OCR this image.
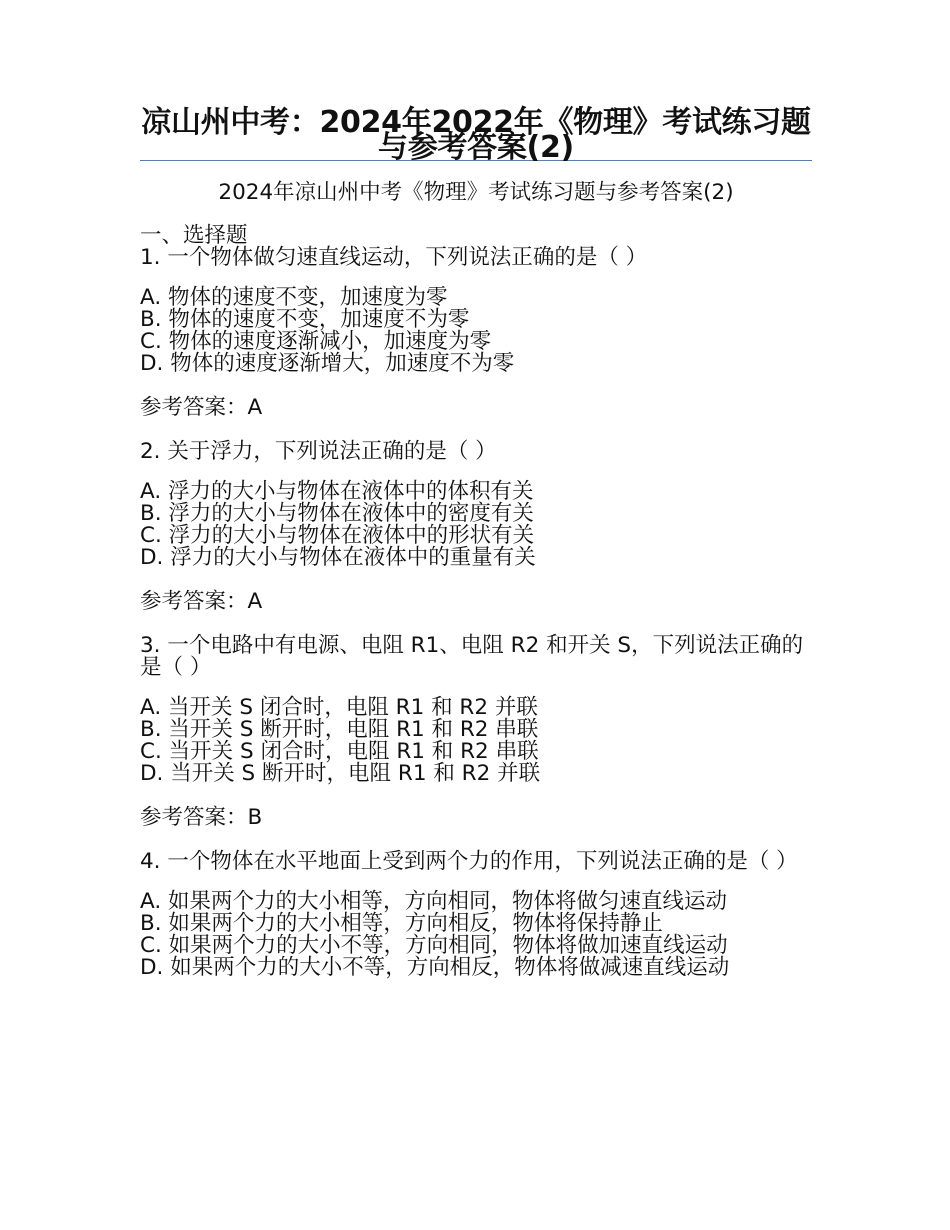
凉山州中考：2024年2022年《物理》考试练习题与参考答案(2)
2024年凉山州中考《物理》考试练习题与参考答案(2)
一、选择题
1. 一个物体做匀速直线运动，下列说法正确的是（ ）
A. 物体的速度不变，加速度为零
B. 物体的速度不变，加速度不为零
C. 物体的速度逐渐减小，加速度为零
D. 物体的速度逐渐增大，加速度不为零
参考答案：A
2. 关于浮力，下列说法正确的是（ ）
A. 浮力的大小与物体在液体中的体积有关
B. 浮力的大小与物体在液体中的密度有关
C. 浮力的大小与物体在液体中的形状有关
D. 浮力的大小与物体在液体中的重量有关
参考答案：A
3. 一个电路中有电源、电阻 R1、电阻 R2 和开关 S，下列说法正确的是（ ）
A. 当开关 S 闭合时，电阻 R1 和 R2 并联
B. 当开关 S 断开时，电阻 R1 和 R2 串联
C. 当开关 S 闭合时，电阻 R1 和 R2 串联
D. 当开关 S 断开时，电阻 R1 和 R2 并联
参考答案：B
4. 一个物体在水平地面上受到两个力的作用，下列说法正确的是（ ）
A. 如果两个力的大小相等，方向相同，物体将做匀速直线运动
B. 如果两个力的大小相等，方向相反，物体将保持静止
C. 如果两个力的大小不等，方向相同，物体将做加速直线运动
D. 如果两个力的大小不等，方向相反，物体将做减速直线运动
